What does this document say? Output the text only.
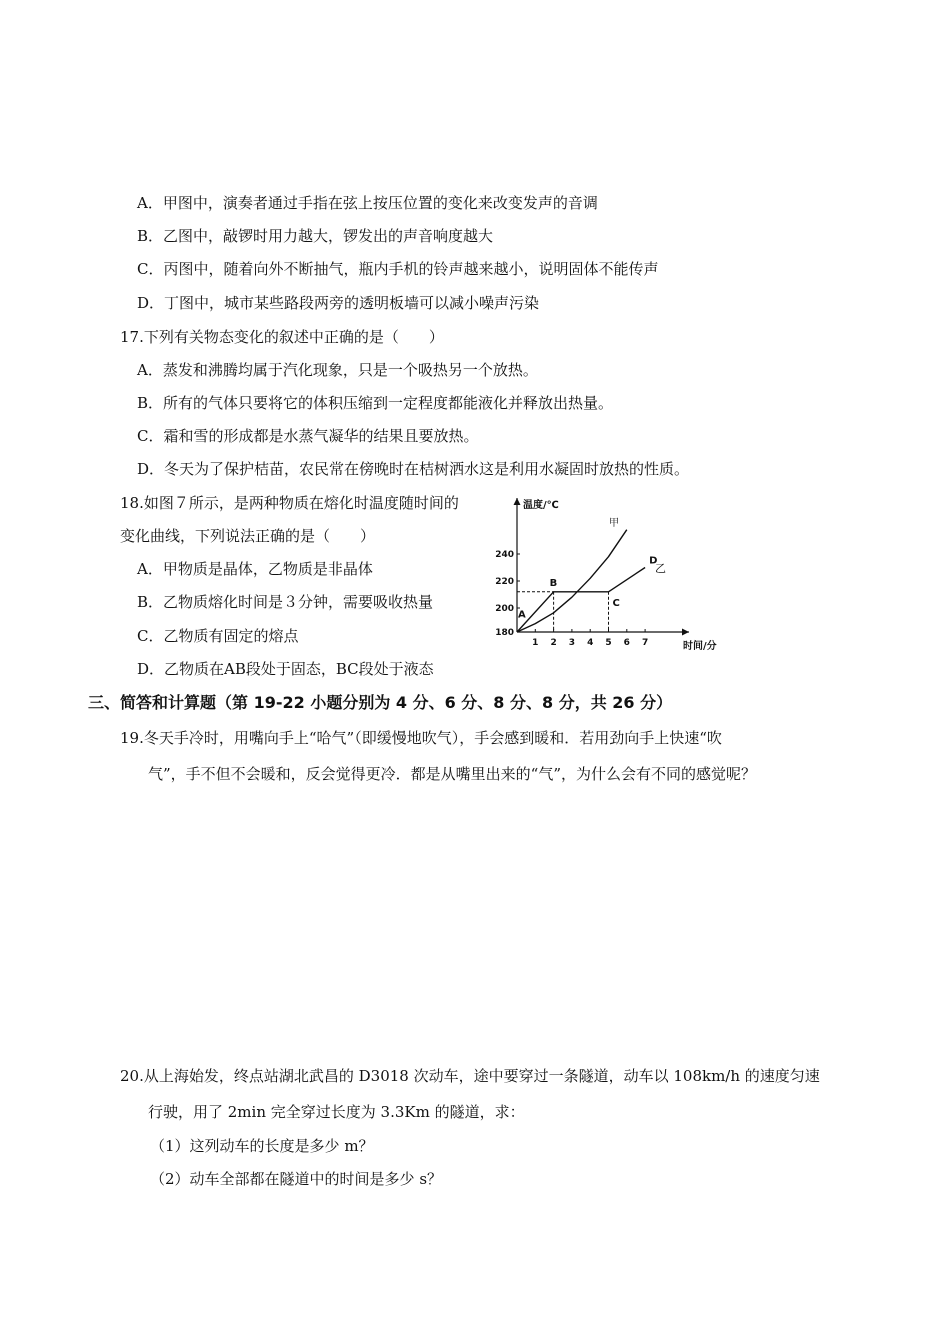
A．甲图中，演奏者通过手指在弦上按压位置的变化来改变发声的音调
B．乙图中，敲锣时用力越大，锣发出的声音响度越大
C．丙图中，随着向外不断抽气，瓶内手机的铃声越来越小，说明固体不能传声
D．丁图中，城市某些路段两旁的透明板墙可以减小噪声污染
17.下列有关物态变化的叙述中正确的是（　　）
A．蒸发和沸腾均属于汽化现象，只是一个吸热另一个放热。
B．所有的气体只要将它的体积压缩到一定程度都能液化并释放出热量。
C．霜和雪的形成都是水蒸气凝华的结果且要放热。
D．冬天为了保护桔苗，农民常在傍晚时在桔树洒水这是利用水凝固时放热的性质。
18.如图７所示，是两种物质在熔化时温度随时间的
变化曲线，下列说法正确的是（　　）
A．甲物质是晶体，乙物质是非晶体
B．乙物质熔化时间是３分钟，需要吸收热量
C．乙物质有固定的熔点
D．乙物质在AB段处于固态，BC段处于液态
温度/℃
时间/分
180
200
220
240
1 2 3 4 5 6 7
A
B
C
D
甲
乙
三、简答和计算题（第 19-22 小题分别为 4 分、6 分、8 分、8 分，共 26 分）
19.冬天手冷时，用嘴向手上“哈气”（即缓慢地吹气），手会感到暖和．若用劲向手上快速“吹
气”，手不但不会暖和，反会觉得更冷．都是从嘴里出来的“气”，为什么会有不同的感觉呢？
20.从上海始发，终点站湖北武昌的 D3018 次动车，途中要穿过一条隧道，动车以 108km/h 的速度匀速
行驶，用了 2min 完全穿过长度为 3.3Km 的隧道，求：
（1）这列动车的长度是多少 m？
（2）动车全部都在隧道中的时间是多少 s？
